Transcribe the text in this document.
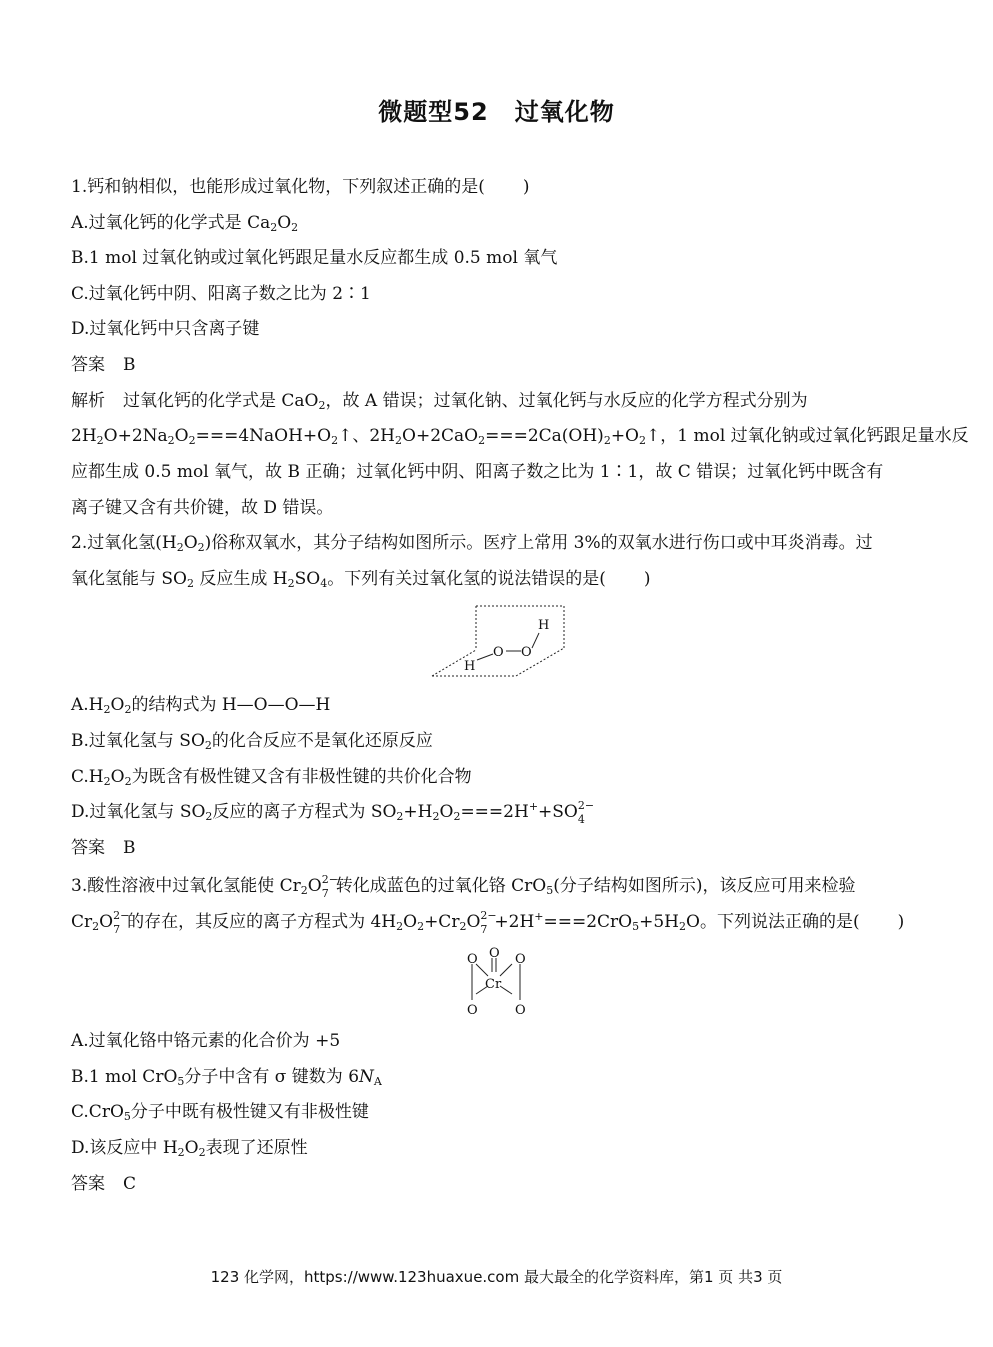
微题型52 过氧化物
1.钙和钠相似，也能形成过氧化物，下列叙述正确的是( )
A.过氧化钙的化学式是 $Ca_2O_2$
B.1 mol 过氧化钠或过氧化钙跟足量水反应都生成 0.5 mol 氧气
C.过氧化钙中阴、阳离子数之比为 2∶1
D.过氧化钙中只含离子键
答案 B
解析 过氧化钙的化学式是 CaO$_2$，故 A 错误；过氧化钠、过氧化钙与水反应的化学方程式分别为
$2H_2O+2Na_2O_2===4NaOH+O_2↑$、$2H_2O+2CaO_2===2Ca(OH)_2+O_2↑$，1 mol 过氧化钠或过氧化钙跟足量水反
应都生成 0.5 mol 氧气，故 B 正确；过氧化钙中阴、阳离子数之比为 1∶1，故 C 错误；过氧化钙中既含有
离子键又含有共价键，故 D 错误。
2.过氧化氢$(H_2O_2)$俗称双氧水，其分子结构如图所示。医疗上常用 3%的双氧水进行伤口或中耳炎消毒。过
氧化氢能与 $SO_2$ 反应生成 $H_2SO_4$。下列有关过氧化氢的说法错误的是( )
H
O O
H
$A.H_2O_2$的结构式为 H—O—O—H
B.过氧化氢与 $SO_2$的化合反应不是氧化还原反应
$C.H_2O_2$为既含有极性键又含有非极性键的共价化合物
D.过氧化氢与 $SO_2$反应的离子方程式为 $SO_2+H_2O_2===2H^++SO$ 2−
4
答案 B
3.酸性溶液中过氧化氢能使 $Cr_2O$ 2−
7 转化成蓝色的过氧化铬 CrO$_5$(分子结构如图所示)，该反应可用来检验
$Cr_2O$ 2−
7 的存在，其反应的离子方程式为 $4H_2O_2+Cr_2O$ 2−
$7 +2H^+===2CrO_5+5H_2O$。下列说法正确的是( )
O
O	O
Cr
O	O
A.过氧化铬中铬元素的化合价为 +5
B.1 mol CrO$_5$分子中含有 σ 键数为 $6N_A$
C.CrO$_5$分子中既有极性键又有非极性键
D.该反应中 $H_2O_2$表现了还原性
答案 C
123 化学网，https://www.123huaxue.com 最大最全的化学资料库，第1 页 共3 页
